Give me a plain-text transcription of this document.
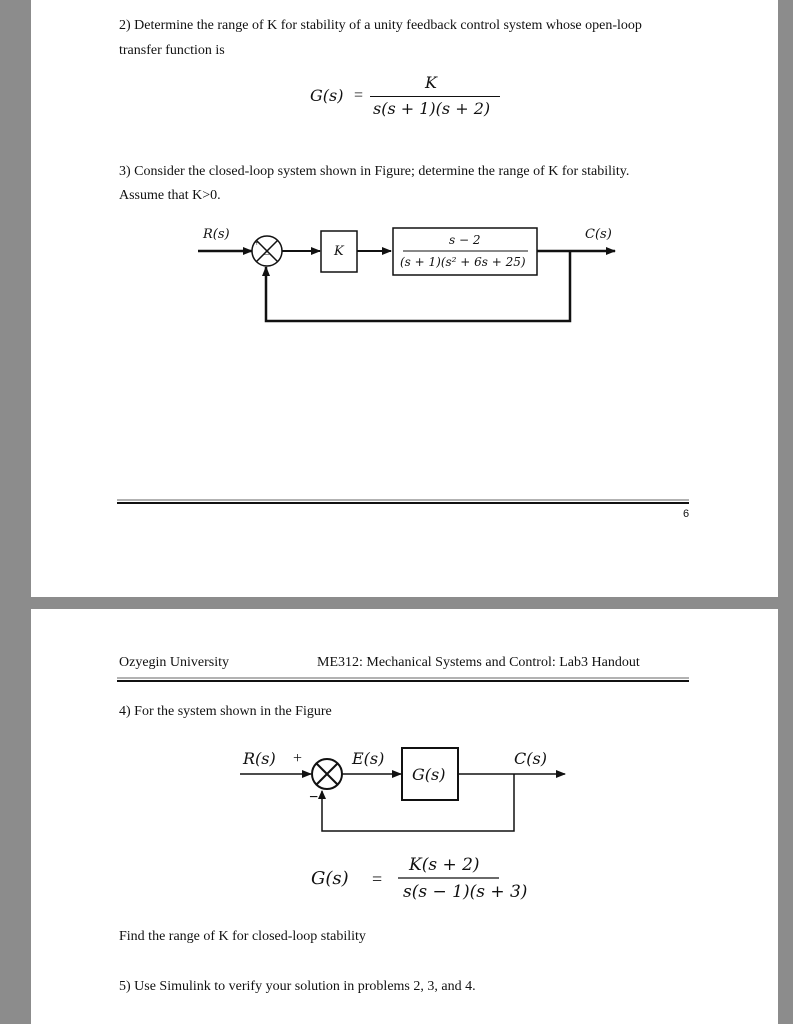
2) Determine the range of K for stability of a unity feedback control system whose open-loop
transfer function is
G(s) =
K
s(s + 1)(s + 2)
3) Consider the closed-loop system shown in Figure; determine the range of K for stability.
Assume that K>0.
R(s)	C(s)
+
−	K
s − 2
(s + 1)(s² + 6s + 25)
6
Ozyegin University	ME312: Mechanical Systems and Control: Lab3 Handout
4) For the system shown in the Figure
R(s) +
−
E(s)
G(s)
C(s)
G(s) =
K(s + 2)
s(s − 1)(s + 3)
Find the range of K for closed-loop stability
5) Use Simulink to verify your solution in problems 2, 3, and 4.
